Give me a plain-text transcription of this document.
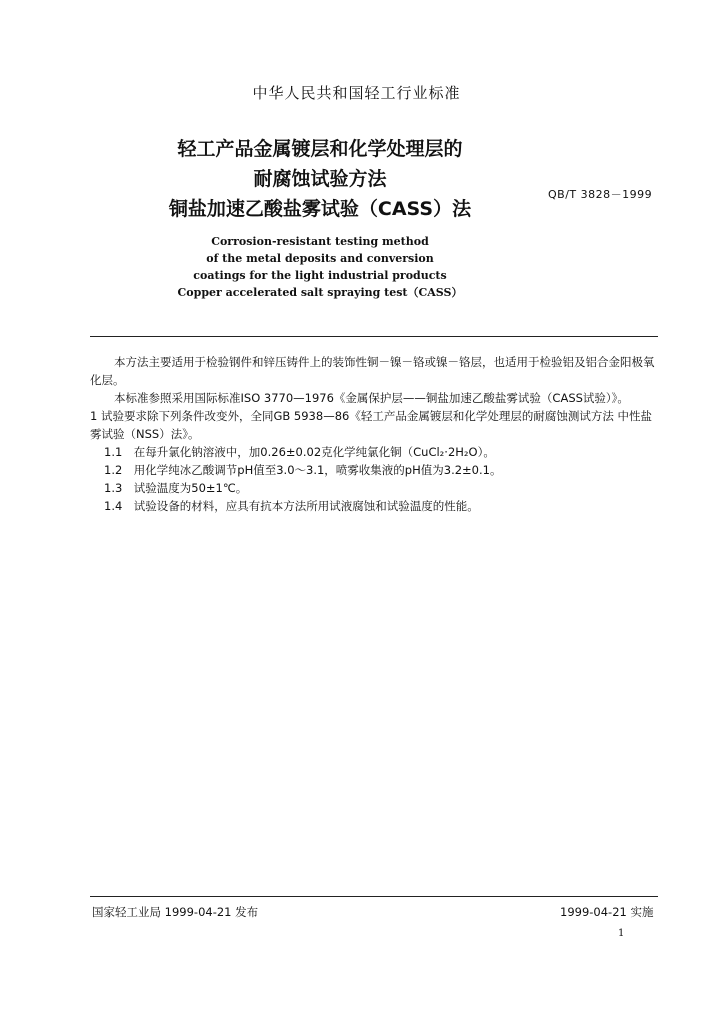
中华人民共和国轻工行业标准
轻工产品金属镀层和化学处理层的
耐腐蚀试验方法
铜盐加速乙酸盐雾试验（CASS）法
QB/T 3828－1999
Corrosion-resistant testing method
of the metal deposits and conversion
coatings for the light industrial products
Copper accelerated salt spraying test（CASS）

本方法主要适用于检验钢件和锌压铸件上的装饰性铜－镍－铬或镍－铬层，也适用于检验铝及铝合金阳极氧化层。

本标准参照采用国际标准ISO 3770—1976《金属保护层——铜盐加速乙酸盐雾试验（CASS试验）》。

1 试验要求除下列条件改变外，全同GB 5938—86《轻工产品金属镀层和化学处理层的耐腐蚀测试方法 中性盐雾试验（NSS）法》。

1.1　在每升氯化钠溶液中，加0.26±0.02克化学纯氯化铜（CuCl₂·2H₂O）。

1.2　用化学纯冰乙酸调节pH值至3.0～3.1，喷雾收集液的pH值为3.2±0.1。

1.3　试验温度为50±1℃。

1.4　试验设备的材料，应具有抗本方法所用试液腐蚀和试验温度的性能。

国家轻工业局 1999-04-21 发布	1999-04-21 实施
1
